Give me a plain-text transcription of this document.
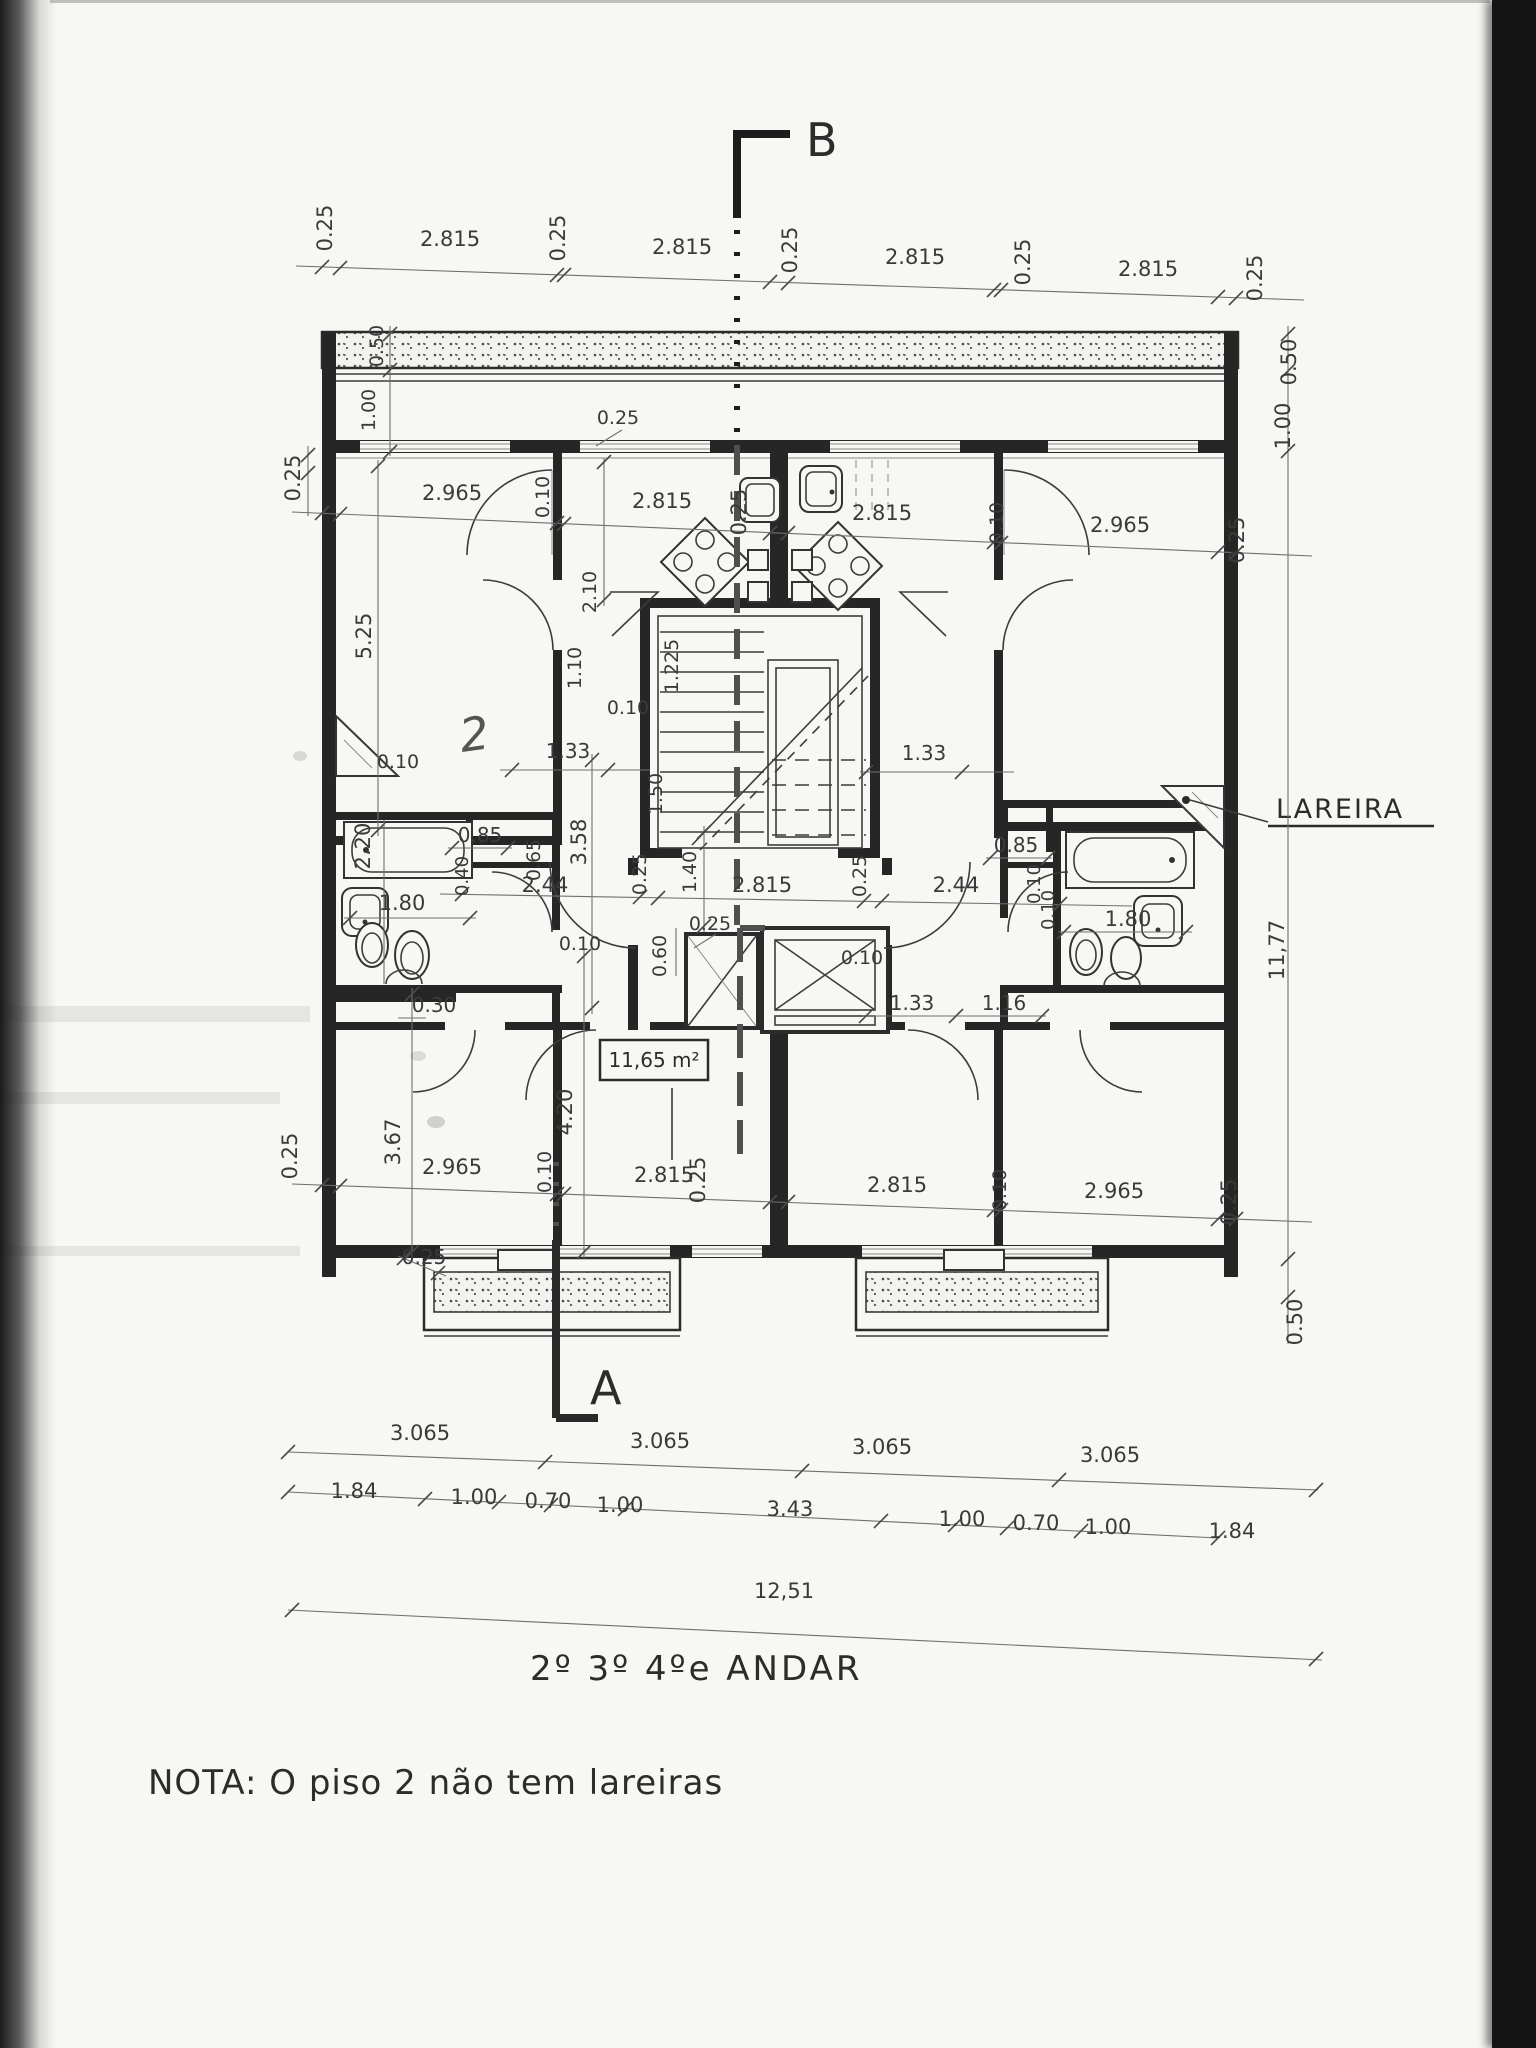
LAREIRA
B
A
11,65 m²
2
0.25	2.815	0.25	2.815	0.25	2.815	0.25	2.815	0.25
0.50
1.00
0.25	2.965	0.10	2.815 0.25	2.815	0.10	2.965	0.25
0.25
5.25
2.10
1.10	1.225
0.10
1.33
1.50
1.33
0.10
3.58
2.20	0.85
0.65
0.40 2.44
1.80
0.25 1.40 2.815	0.25	2.44
0.85
0.10
0.10 1.80
0.30
0.10
0.25
0.60	0.10
1.33 1.16
11,77
4.20
3.67
0.25	2.965	0.10	2.815
0.25	2.815	0.10	2.965	0.25
0.25
0.50
0.50
1.00
3.065	3.065	3.065	3.065
1.84	1.00 0.70 1.00	3.43	1.00 0.70 1.00	1.84
12,51
2º 3º 4ºe ANDAR
NOTA: O piso 2 não tem lareiras
